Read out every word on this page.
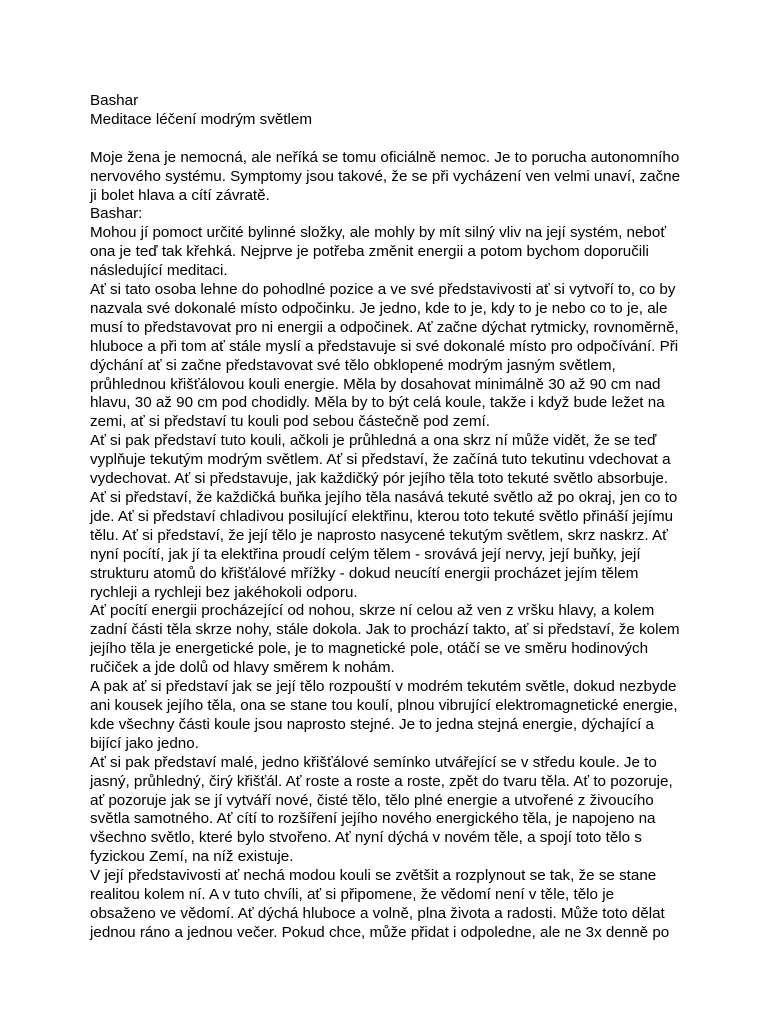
Bashar
Meditace léčení modrým světlem
Moje žena je nemocná, ale neříká se tomu oficiálně nemoc. Je to porucha autonomního
nervového systému. Symptomy jsou takové, že se při vycházení ven velmi unaví, začne
ji bolet hlava a cítí závratě.
Bashar:
Mohou jí pomoct určité bylinné složky, ale mohly by mít silný vliv na její systém, neboť
ona je teď tak křehká. Nejprve je potřeba změnit energii a potom bychom doporučili
následující meditaci.
Ať si tato osoba lehne do pohodlné pozice a ve své představivosti ať si vytvoří to, co by
nazvala své dokonalé místo odpočinku. Je jedno, kde to je, kdy to je nebo co to je, ale
musí to představovat pro ni energii a odpočinek. Ať začne dýchat rytmicky, rovnoměrně,
hluboce a při tom ať stále myslí a představuje si své dokonalé místo pro odpočívání. Při
dýchání ať si začne představovat své tělo obklopené modrým jasným světlem,
průhlednou křišťálovou kouli energie. Měla by dosahovat minimálně 30 až 90 cm nad
hlavu, 30 až 90 cm pod chodidly. Měla by to být celá koule, takže i když bude ležet na
zemi, ať si představí tu kouli pod sebou částečně pod zemí.
Ať si pak představí tuto kouli, ačkoli je průhledná a ona skrz ní může vidět, že se teď
vyplňuje tekutým modrým světlem. Ať si představí, že začíná tuto tekutinu vdechovat a
vydechovat. Ať si představuje, jak každičký pór jejího těla toto tekuté světlo absorbuje.
Ať si představí, že každičká buňka jejího těla nasává tekuté světlo až po okraj, jen co to
jde. Ať si představí chladivou posilující elektřinu, kterou toto tekuté světlo přináší jejímu
tělu. Ať si představí, že její tělo je naprosto nasycené tekutým světlem, skrz naskrz. Ať
nyní pocítí, jak jí ta elektřina proudí celým tělem - srovává její nervy, její buňky, její
strukturu atomů do křišťálové mřížky - dokud neucítí energii procházet jejím tělem
rychleji a rychleji bez jakéhokoli odporu.
Ať pocítí energii procházející od nohou, skrze ní celou až ven z vršku hlavy, a kolem
zadní části těla skrze nohy, stále dokola. Jak to prochází takto, ať si představí, že kolem
jejího těla je energetické pole, je to magnetické pole, otáčí se ve směru hodinových
ručiček a jde dolů od hlavy směrem k nohám.
A pak ať si představí jak se její tělo rozpouští v modrém tekutém světle, dokud nezbyde
ani kousek jejího těla, ona se stane tou koulí, plnou vibrující elektromagnetické energie,
kde všechny části koule jsou naprosto stejné. Je to jedna stejná energie, dýchající a
bijící jako jedno.
Ať si pak představí malé, jedno křišťálové semínko utvářející se v středu koule. Je to
jasný, průhledný, čirý křišťál. Ať roste a roste a roste, zpět do tvaru těla. Ať to pozoruje,
ať pozoruje jak se jí vytváří nové, čisté tělo, tělo plné energie a utvořené z živoucího
světla samotného. Ať cítí to rozšíření jejího nového energického těla, je napojeno na
všechno světlo, které bylo stvořeno. Ať nyní dýchá v novém těle, a spojí toto tělo s
fyzickou Zemí, na níž existuje.
V její představivosti ať nechá modou kouli se zvětšit a rozplynout se tak, že se stane
realitou kolem ní. A v tuto chvíli, ať si připomene, že vědomí není v těle, tělo je
obsaženo ve vědomí. Ať dýchá hluboce a volně, plna života a radosti. Může toto dělat
jednou ráno a jednou večer. Pokud chce, může přidat i odpoledne, ale ne 3x denně po
